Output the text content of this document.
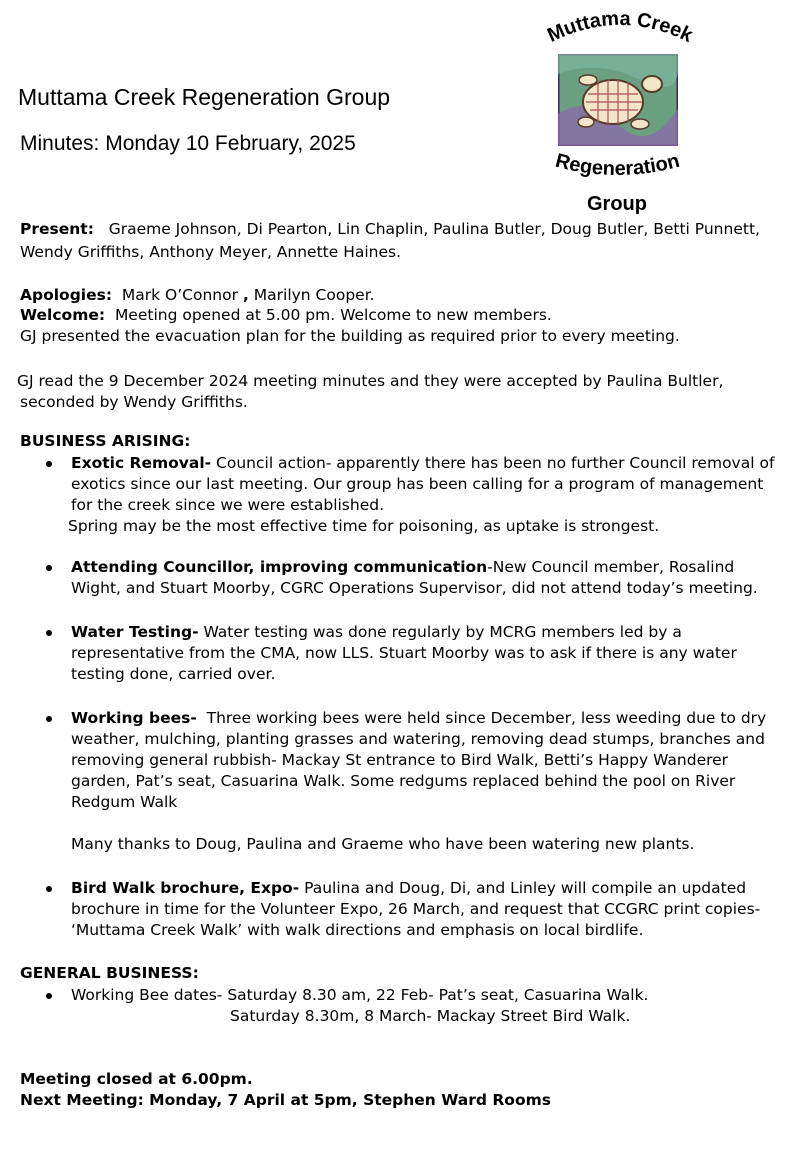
Muttama Creek Regeneration Group
Minutes: Monday 10 February, 2025
Muttama Creek
Regeneration
Group
Present: Graeme Johnson, Di Pearton, Lin Chaplin, Paulina Butler, Doug Butler, Betti Punnett,
Wendy Griffiths, Anthony Meyer, Annette Haines.
Apologies: Mark O’Connor , Marilyn Cooper.
Welcome: Meeting opened at 5.00 pm. Welcome to new members.
GJ presented the evacuation plan for the building as required prior to every meeting.
GJ read the 9 December 2024 meeting minutes and they were accepted by Paulina Bultler,
seconded by Wendy Griffiths.
BUSINESS ARISING:
Exotic Removal- Council action- apparently there has been no further Council removal of
exotics since our last meeting. Our group has been calling for a program of management
for the creek since we were established.
Spring may be the most effective time for poisoning, as uptake is strongest.
Attending Councillor, improving communication-New Council member, Rosalind
Wight, and Stuart Moorby, CGRC Operations Supervisor, did not attend today’s meeting.
Water Testing- Water testing was done regularly by MCRG members led by a
representative from the CMA, now LLS. Stuart Moorby was to ask if there is any water
testing done, carried over.
Working bees- Three working bees were held since December, less weeding due to dry
weather, mulching, planting grasses and watering, removing dead stumps, branches and
removing general rubbish- Mackay St entrance to Bird Walk, Betti’s Happy Wanderer
garden, Pat’s seat, Casuarina Walk. Some redgums replaced behind the pool on River
Redgum Walk
Many thanks to Doug, Paulina and Graeme who have been watering new plants.
Bird Walk brochure, Expo- Paulina and Doug, Di, and Linley will compile an updated
brochure in time for the Volunteer Expo, 26 March, and request that CCGRC print copies-
‘Muttama Creek Walk’ with walk directions and emphasis on local birdlife.
GENERAL BUSINESS:
Working Bee dates- Saturday 8.30 am, 22 Feb- Pat’s seat, Casuarina Walk.
Saturday 8.30m, 8 March- Mackay Street Bird Walk.
Meeting closed at 6.00pm.
Next Meeting: Monday, 7 April at 5pm, Stephen Ward Rooms
